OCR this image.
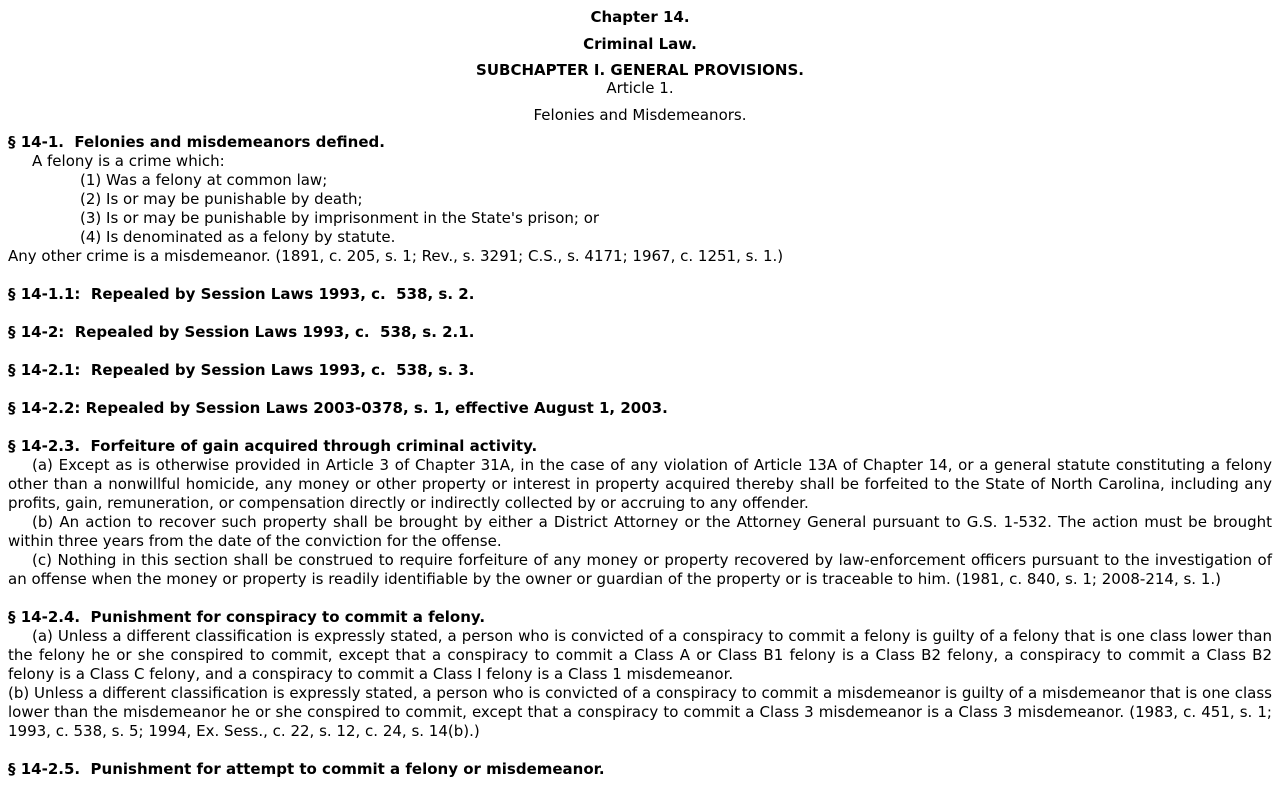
Chapter 14.
Criminal Law.
SUBCHAPTER I. GENERAL PROVISIONS.
Article 1.
Felonies and Misdemeanors.
§ 14-1.  Felonies and misdemeanors defined.
A felony is a crime which:
(1) Was a felony at common law;
(2) Is or may be punishable by death;
(3) Is or may be punishable by imprisonment in the State's prison; or
(4) Is denominated as a felony by statute.
Any other crime is a misdemeanor. (1891, c. 205, s. 1; Rev., s. 3291; C.S., s. 4171; 1967, c. 1251, s. 1.)
§ 14-1.1:  Repealed by Session Laws 1993, c.  538, s. 2.
§ 14-2:  Repealed by Session Laws 1993, c.  538, s. 2.1.
§ 14-2.1:  Repealed by Session Laws 1993, c.  538, s. 3.
§ 14-2.2: Repealed by Session Laws 2003-0378, s. 1, effective August 1, 2003.
§ 14-2.3.  Forfeiture of gain acquired through criminal activity.
(a) Except as is otherwise provided in Article 3 of Chapter 31A, in the case of any violation of Article 13A of Chapter 14, or a general statute constituting a felony other than a nonwillful homicide, any money or other property or interest in property acquired thereby shall be forfeited to the State of North Carolina, including any profits, gain, remuneration, or compensation directly or indirectly collected by or accruing to any offender.
(b) An action to recover such property shall be brought by either a District Attorney or the Attorney General pursuant to G.S. 1-532. The action must be brought within three years from the date of the conviction for the offense.
(c) Nothing in this section shall be construed to require forfeiture of any money or property recovered by law-enforcement officers pursuant to the investigation of an offense when the money or property is readily identifiable by the owner or guardian of the property or is traceable to him. (1981, c. 840, s. 1; 2008-214, s. 1.)
§ 14-2.4.  Punishment for conspiracy to commit a felony.
(a) Unless a different classification is expressly stated, a person who is convicted of a conspiracy to commit a felony is guilty of a felony that is one class lower than the felony he or she conspired to commit, except that a conspiracy to commit a Class A or Class B1 felony is a Class B2 felony, a conspiracy to commit a Class B2 felony is a Class C felony, and a conspiracy to commit a Class I felony is a Class 1 misdemeanor.
(b) Unless a different classification is expressly stated, a person who is convicted of a conspiracy to commit a misdemeanor is guilty of a misdemeanor that is one class lower than the misdemeanor he or she conspired to commit, except that a conspiracy to commit a Class 3 misdemeanor is a Class 3 misdemeanor. (1983, c. 451, s. 1; 1993, c. 538, s. 5; 1994, Ex. Sess., c. 22, s. 12, c. 24, s. 14(b).)
§ 14-2.5.  Punishment for attempt to commit a felony or misdemeanor.
